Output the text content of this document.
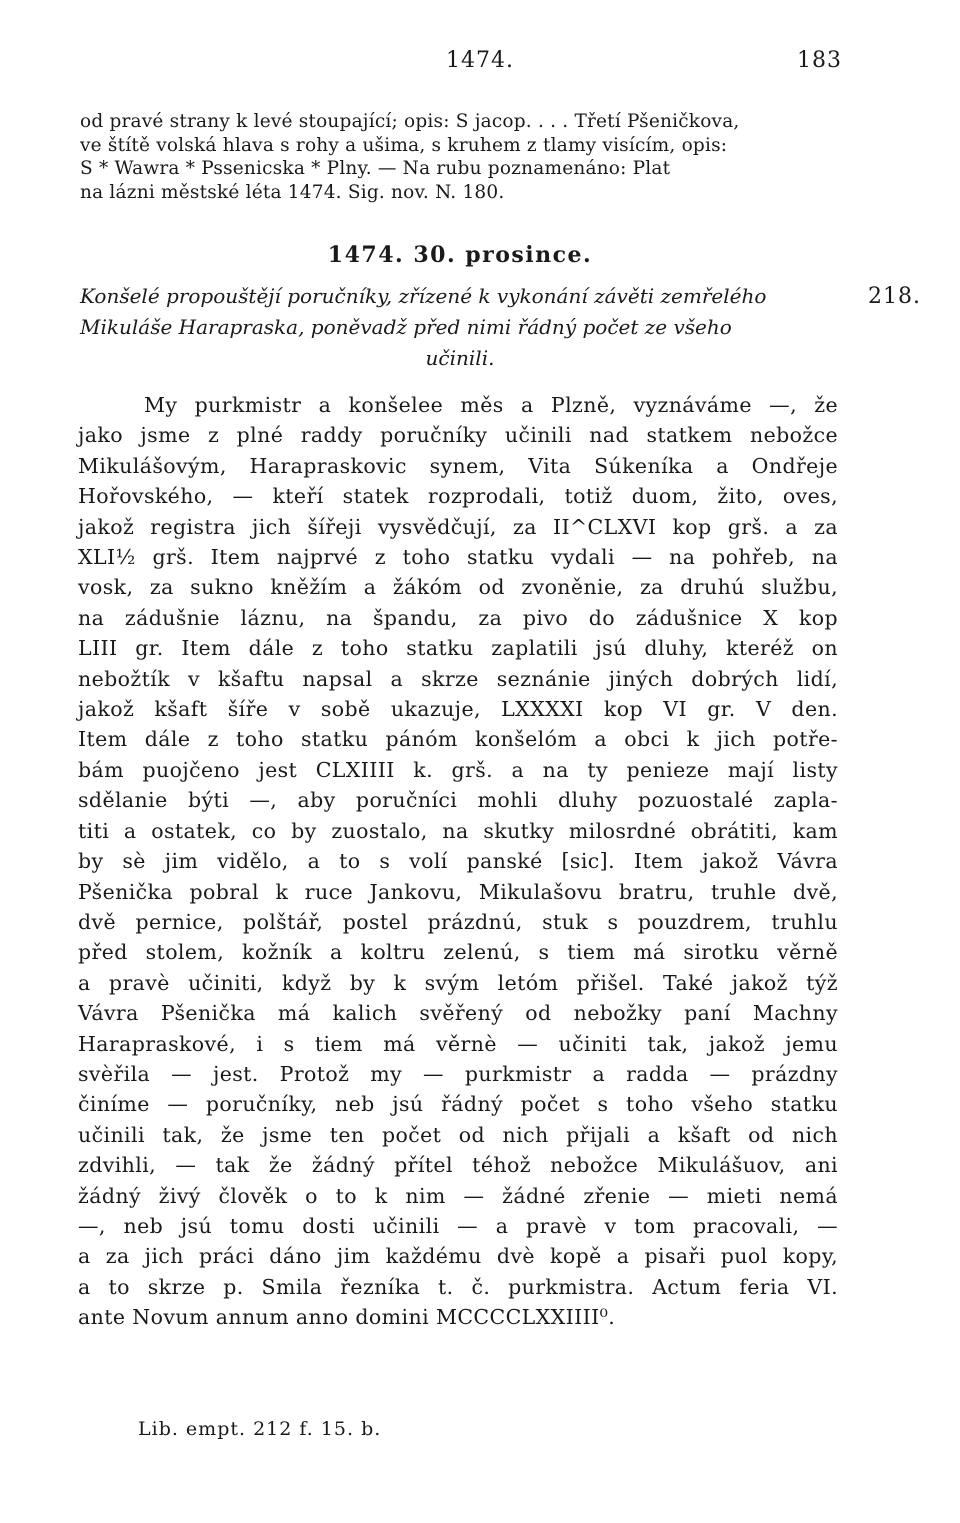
1474.	183
od pravé strany k levé stoupající; opis: S jacop. . . . Třetí Pšeničkova,
ve štítě volská hlava s rohy a ušima, s kruhem z tlamy visícím, opis:
S * Wawra * Pssenicska * Plny. — Na rubu poznamenáno: Plat
na lázni městské léta 1474. Sig. nov. N. 180.
1474. 30. prosince.
218.
Konšelé propouštějí poručníky, zřízené k vykonání závěti zemřelého
Mikuláše Harapraska, poněvadž před nimi řádný počet ze všeho
učinili.
My purkmistr a konšelee měs a Plzně, vyznáváme —, že
jako jsme z plné raddy poručníky učinili nad statkem nebožce
Mikulášovým, Harapraskovic synem, Vita Súkeníka a Ondřeje
Hořovského, — kteří statek rozprodali, totiž duom, žito, oves,
jakož registra jich šířeji vysvědčují, za II^CLXVI kop grš. a za
XLI½ grš. Item najprvé z toho statku vydali — na pohřeb, na
vosk, za sukno kněžím a žákóm od zvoněnie, za druhú službu,
na zádušnie láznu, na špandu, za pivo do zádušnice X kop
LIII gr. Item dále z toho statku zaplatili jsú dluhy, kteréž on
nebožtík v kšaftu napsal a skrze seznánie jiných dobrých lidí,
jakož kšaft šíře v sobě ukazuje, LXXXXI kop VI gr. V den.
Item dále z toho statku pánóm konšelóm a obci k jich potře-
bám puojčeno jest CLXIIII k. grš. a na ty penieze mají listy
sdělanie býti —, aby poručníci mohli dluhy pozuostalé zapla-
titi a ostatek, co by zuostalo, na skutky milosrdné obrátiti, kam
by sè jim vidělo, a to s volí panské [sic]. Item jakož Vávra
Pšenička pobral k ruce Jankovu, Mikulašovu bratru, truhle dvě,
dvě pernice, polštář, postel prázdnú, stuk s pouzdrem, truhlu
před stolem, kožník a koltru zelenú, s tiem má sirotku věrně
a pravè učiniti, když by k svým letóm přišel. Také jakož týž
Vávra Pšenička má kalich svěřený od nebožky paní Machny
Harapraskové, i s tiem má věrnè — učiniti tak, jakož jemu
svèřila — jest. Protož my — purkmistr a radda — prázdny
činíme — poručníky, neb jsú řádný počet s toho všeho statku
učinili tak, že jsme ten počet od nich přijali a kšaft od nich
zdvihli, — tak že žádný přítel téhož nebožce Mikulášuov, ani
žádný živý člověk o to k nim — žádné zřenie — mieti nemá
—, neb jsú tomu dosti učinili — a pravè v tom pracovali, —
a za jich práci dáno jim každému dvè kopě a pisaři puol kopy,
a to skrze p. Smila řezníka t. č. purkmistra. Actum feria VI.
ante Novum annum anno domini MCCCCLXXIIII⁰.
Lib. empt. 212 f. 15. b.
